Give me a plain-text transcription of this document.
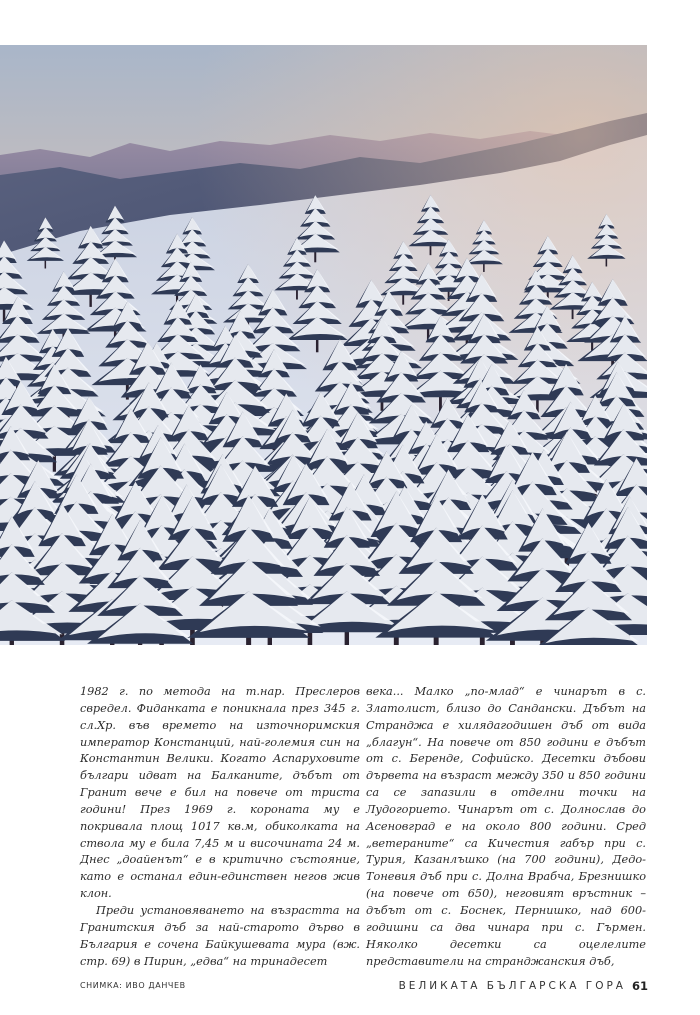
1982 г. по метода на т.нар. Преслеров свредел. Фиданката е поникнала през 345 г. сл.Хр. във времето на източноримския император Констанций, най-големия син на Константин Велики. Когато Аспаруховите българи идват на Балканите, дъбът от Гранит вече е бил на повече от триста години! През 1969 г. короната му е покривала площ 1017 кв.м, обиколката на ствола му е била 7,45 м и височината 24 м. Днес „доайенът“ е в критично състояние, като е останал един-единствен негов жив клон.

Преди установяването на възрастта на Гранитския дъб за най-старото дърво в България е сочена Байкушевата мура (вж. стр. 69) в Пирин, „едва“ на тринадесет

века... Малко „по-млад“ е чинарът в с. Златолист, близо до Сандански. Дъбът на Странджа е хилядагодишен дъб от вида „благун“. На повече от 850 години е дъбът от с. Беренде, Софийско. Десетки дъбови дървета на възраст между 350 и 850 години са се запазили в отделни точки на Лудогорието. Чинарът от с. Долнослав до Асеновград е на около 800 години. Сред „ветераните“ са Кичестия габър при с. Турия, Казанлъшко (на 700 години), Дедо-Тоневия дъб при с. Долна Врабча, Брезнишко (на повече от 650), неговият връстник – дъбът от с. Боснек, Пернишко, над 600-годишни са два чинара при с. Гърмен. Няколко десетки са оцелелите представители на странджанския дъб,

СНИМКА: ИВО ДАНЧЕВ	ВЕЛИКАТА БЪЛГАРСКА ГОРА 61
